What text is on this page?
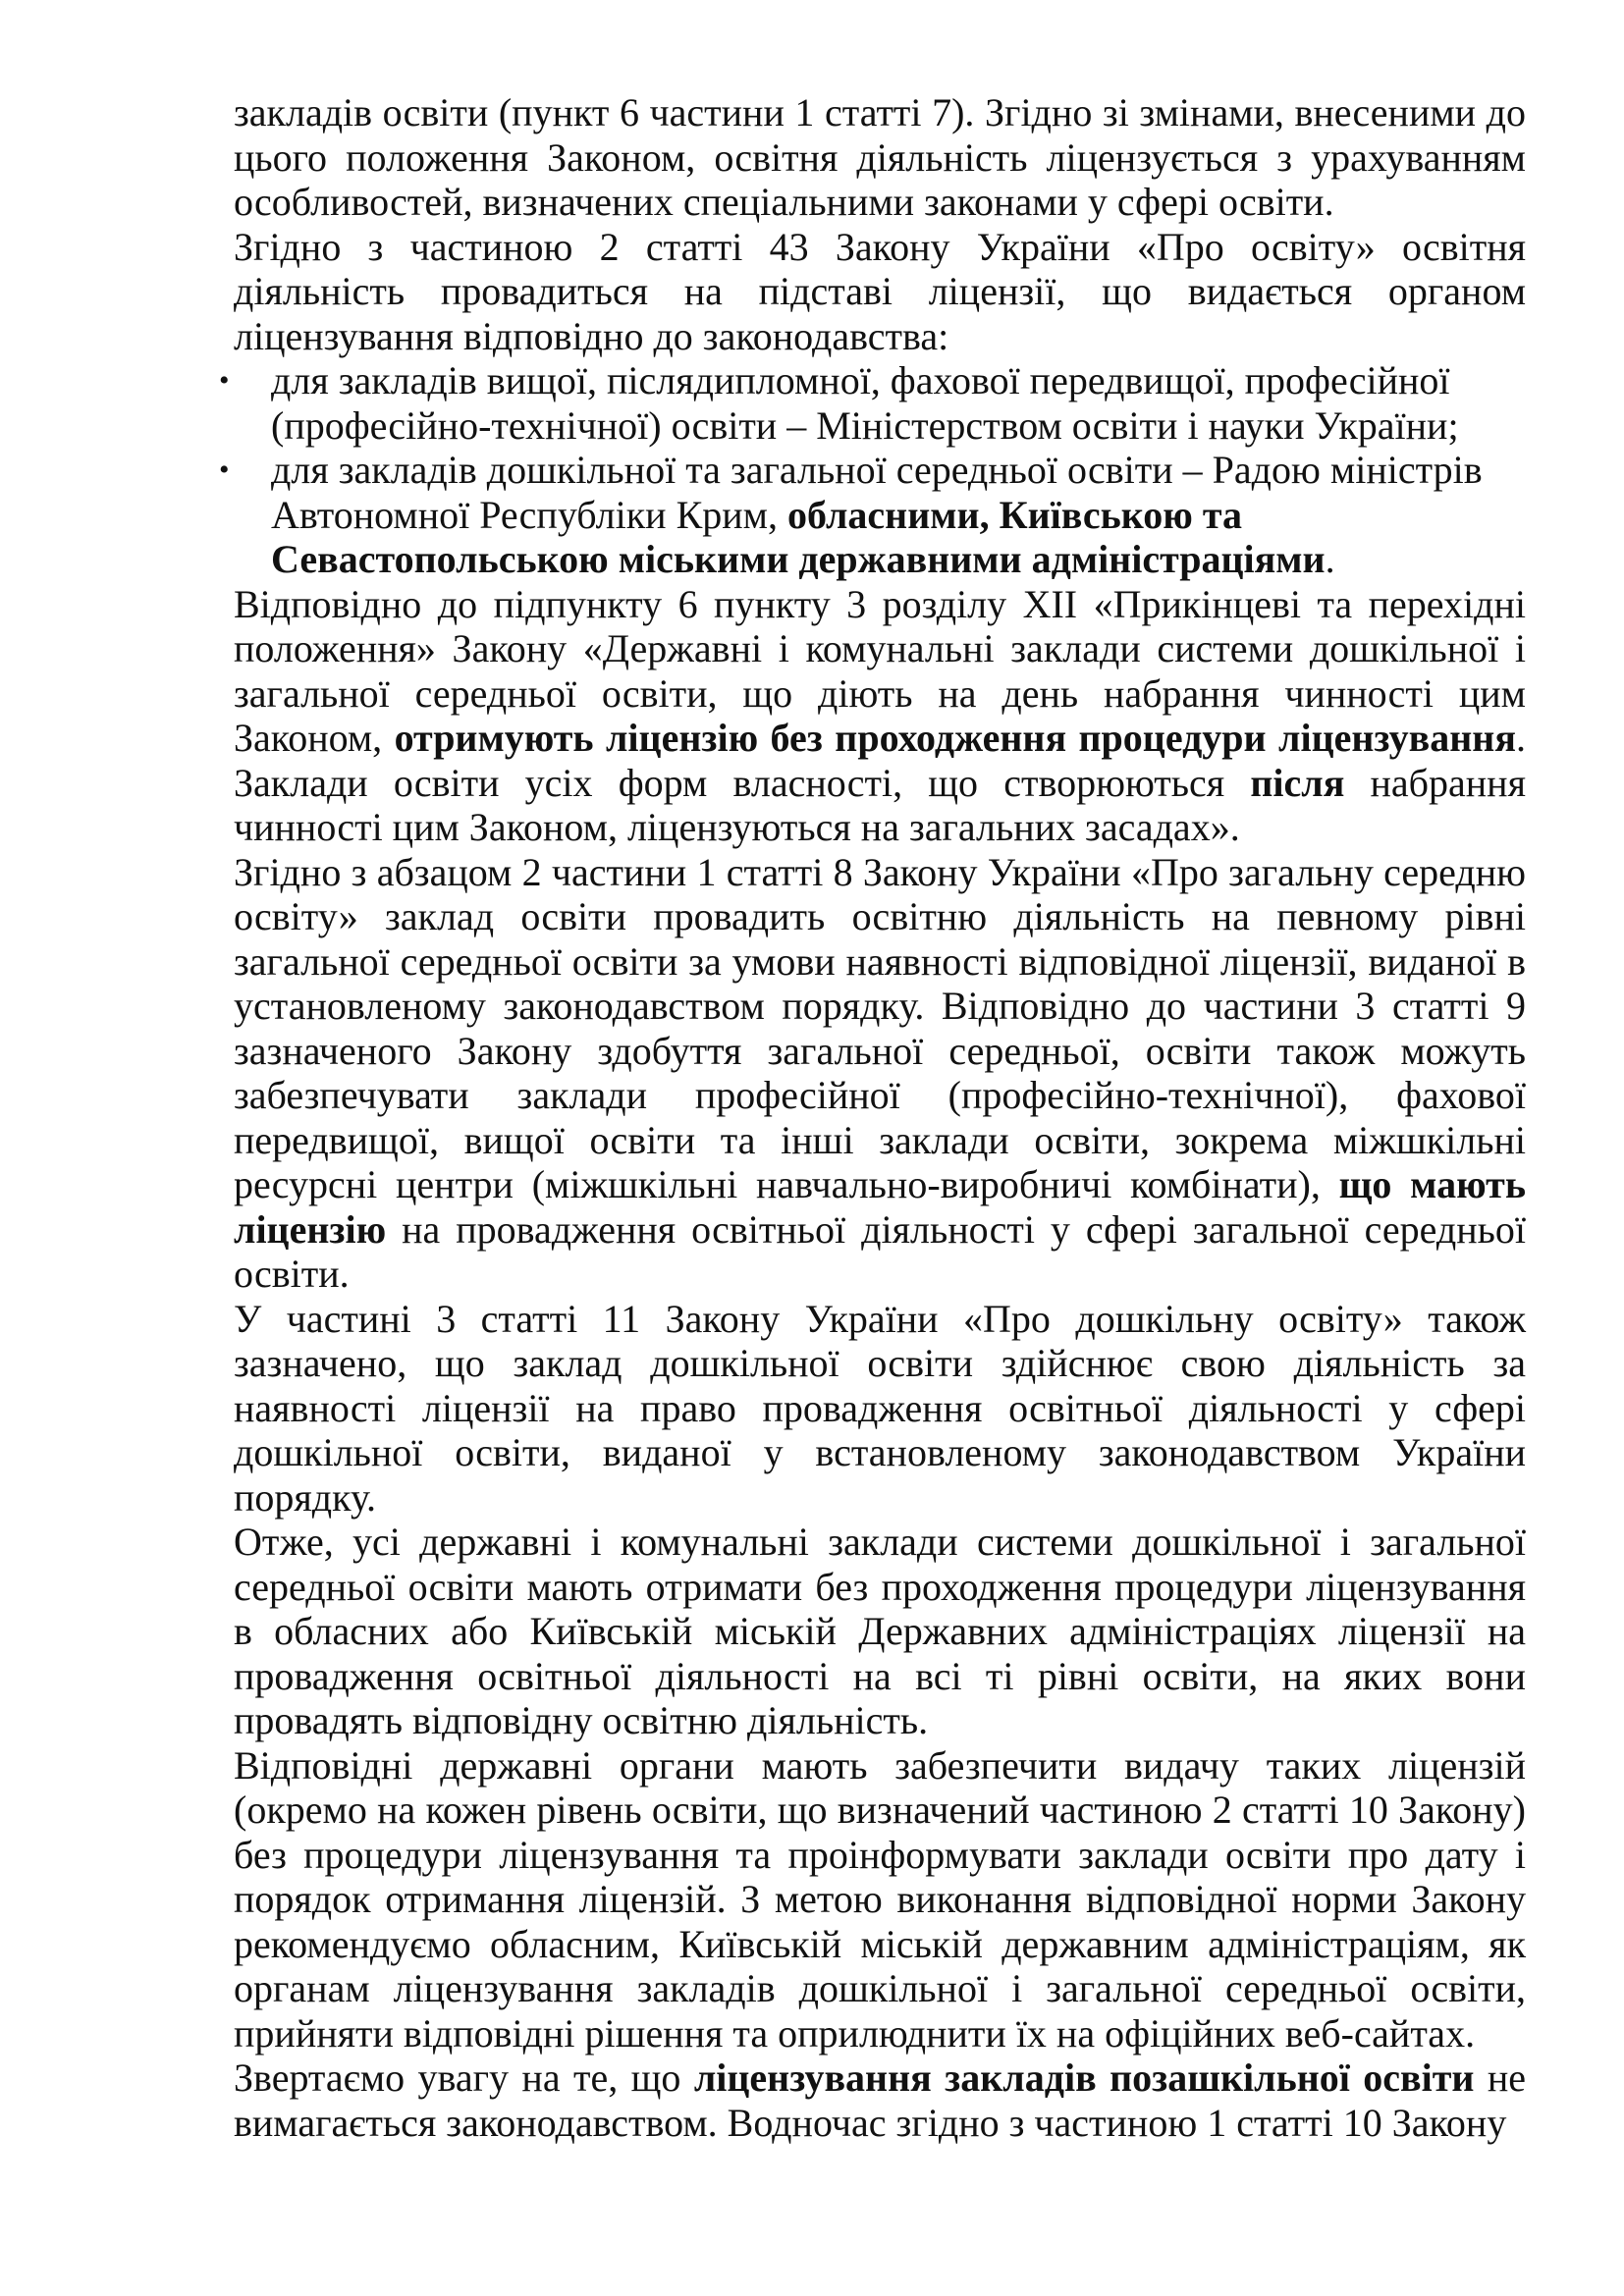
закладів освіти (пункт 6 частини 1 статті 7). Згідно зі змінами, внесеними до цього положення Законом, освітня діяльність ліцензується з урахуванням особливостей, визначених спеціальними законами у сфері освіти.

Згідно з частиною 2 статті 43 Закону України «Про освіту» освітня діяльність провадиться на підставі ліцензії, що видається органом ліцензування відповідно до законодавства:

• для закладів вищої, післядипломної, фахової передвищої, професійної (професійно-технічної) освіти – Міністерством освіти і науки України;
• для закладів дошкільної та загальної середньої освіти – Радою міністрів Автономної Республіки Крим, обласними, Київською та Севастопольською міськими державними адміністраціями.

Відповідно до підпункту 6 пункту 3 розділу XII «Прикінцеві та перехідні положення» Закону «Державні і комунальні заклади системи дошкільної і загальної середньої освіти, що діють на день набрання чинності цим Законом, отримують ліцензію без проходження процедури ліцензування. Заклади освіти усіх форм власності, що створюються після набрання чинності цим Законом, ліцензуються на загальних засадах».

Згідно з абзацом 2 частини 1 статті 8 Закону України «Про загальну середню освіту» заклад освіти провадить освітню діяльність на певному рівні загальної середньої освіти за умови наявності відповідної ліцензії, виданої в установленому законодавством порядку. Відповідно до частини 3 статті 9 зазначеного Закону здобуття загальної середньої, освіти також можуть забезпечувати заклади професійної (професійно-технічної), фахової передвищої, вищої освіти та інші заклади освіти, зокрема міжшкільні ресурсні центри (міжшкільні навчально-виробничі комбінати), що мають ліцензію на провадження освітньої діяльності у сфері загальної середньої освіти.

У частині 3 статті 11 Закону України «Про дошкільну освіту» також зазначено, що заклад дошкільної освіти здійснює свою діяльність за наявності ліцензії на право провадження освітньої діяльності у сфері дошкільної освіти, виданої у встановленому законодавством України порядку.

Отже, усі державні і комунальні заклади системи дошкільної і загальної середньої освіти мають отримати без проходження процедури ліцензування в обласних або Київській міській Державних адміністраціях ліцензії на провадження освітньої діяльності на всі ті рівні освіти, на яких вони провадять відповідну освітню діяльність.

Відповідні державні органи мають забезпечити видачу таких ліцензій (окремо на кожен рівень освіти, що визначений частиною 2 статті 10 Закону) без процедури ліцензування та проінформувати заклади освіти про дату і порядок отримання ліцензій. З метою виконання відповідної норми Закону рекомендуємо обласним, Київській міській державним адміністраціям, як органам ліцензування закладів дошкільної і загальної середньої освіти, прийняти відповідні рішення та оприлюднити їх на офіційних веб-сайтах.

Звертаємо увагу на те, що ліцензування закладів позашкільної освіти не вимагається законодавством. Водночас згідно з частиною 1 статті 10 Закону
